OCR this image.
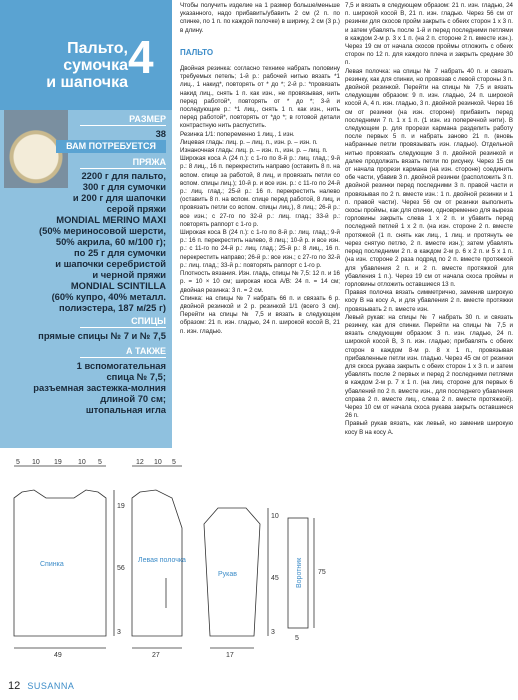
Пальто,
сумочка
и шапочка 4
РАЗМЕР
38
ВАМ ПОТРЕБУЕТСЯ
ПРЯЖА
2200 г для пальто,
300 г для сумочки
и 200 г для шапочки
серой пряжи
MONDIAL MERINO MAXI
(50% мериносовой шерсти,
50% акрила, 60 м/100 г);
по 25 г для сумочки
и шапочки серебристой
и черной пряжи
MONDIAL SCINTILLA
(60% купро, 40% металл.
полиэстера, 187 м/25 г)
СПИЦЫ
прямые спицы № 7 и № 7,5
А ТАКЖЕ
1 вспомогательная
спица № 7,5;
разъемная застежка-молния
длиной 70 см;
штопальная игла

Чтобы получить изделие на 1 размер больше/меньше указанного, надо прибавить/убавить 2 см (2 п. по спинке, по 1 п. по каждой полочке) в ширину, 2 см (3 р.) в длину.

ПАЛЬТО

Двойная резинка: согласно технике набрать половину требуемых петель; 1-й р.: рабочей нитью вязать *1 лиц., 1 накид*, повторять от * до *; 2-й р.: *провязать накид лиц., снять 1 п. как изн., не провязывая, нить перед работой*, повторять от * до *; 3-й и последующие р.: *1 лиц., снять 1 п. как изн., нить перед работой*, повторять от *до *; в готовой детали контрастную нить распустить.

Резинка 1/1: попеременно 1 лиц., 1 изн.

Лицевая гладь: лиц. р. – лиц. п., изн. р. – изн. п.

Изнаночная гладь: лиц. р. – изн. п., изн. р. – лиц. п.

Широкая коса А (24 п.): с 1-го по 8-й р.: лиц. глад.; 9-й р.: 8 лиц., 16 п. перекрестить направо (оставить 8 п. на вспом. спице за работой, 8 лиц, и провязать петли со вспом. спицы лиц.); 10-й р. и все изн. р.: с 11-го по 24-й р.: лиц. глад.; 25-й р.: 16 п. перекрестить налево (оставить 8 п. на вспом. спице перед работой, 8 лиц, и провязать петли со вспом. спицы лиц.), 8 лиц.; 26-й р.: все изн.; с 27-го по 32-й р.: лиц. глад.; 33-й р.: повторять раппорт с 1-го р.

Широкая коса В (24 п.): с 1-го по 8-й р.: лиц. глад.; 9-й р.: 16 п. перекрестить налево, 8 лиц.; 10-й р. и все изн. р.: с 11-го по 24-й р.: лиц. глад.; 25-й р.: 8 лиц., 16 п. перекрестить направо; 26-й р.: все изн.; с 27-го по 32-й р.: лиц. глад.; 33-й р.: повторять раппорт с 1-го р.

Плотность вязания. Изн. гладь, спицы № 7,5: 12 п. и 16 р. = 10 × 10 см; широкая коса А/В: 24 п. = 14 см; двойная резинка: 3 п. = 2 см.

Спинка: на спицы № 7 набрать 66 п. и связать 6 р. двойной резинкой и 2 р. резинкой 1/1 (всего 3 см). Перейти на спицы № 7,5 и вязать в следующем образом: 21 п. изн. гладью, 24 п. широкой косой В, 21 п. изн. гладью.

7,5 и вязать в следующем образом: 21 п. изн. гладью, 24 п. широкой косой В, 21 п. изн. гладью. Через 56 см от резинки для скосов пройм закрыть с обеих сторон 1 х 3 п. и затем убавлять после 1-й и перед последними петлями в каждом 2-м р. 3 х 1 п. (на 2 п. стороне 2 п. вместе изн.). Через 19 см от начала скосов проймы отложить с обеих сторон по 12 п. для каждого плеча и закрыть средние 30 п.

Левая полочка: на спицы № 7 набрать 40 п. и связать резинку, как для спинки, но провязав с левой стороны 3 п. двойной резинкой. Перейти на спицы № 7,5 и вязать следующим образом: 9 п. изн. гладью, 24 п. широкой косой А, 4 п. изн. гладью, 3 п. двойной резинкой. Через 16 см от резинки (на изн. стороне) прибавить перед последними 7 п. 1 х 1 п. (1 изн. из поперечной нити). В следующем р. для прорези кармана разделить работу после первых 5 п. и набрать заново 21 п. (вновь набранные петли провязывать изн. гладью). Отдельной нитью провязать следующие 3 п. двойной резинкой и далее продолжать вязать петли по рисунку. Через 15 см от начала прорези кармана (на изн. стороне) соединить обе части, убавив 3 п. двойной резинки (расположить 3 п. двойной резинки перед последними 3 п. правой части и провязывая по 2 п. вместе изн.: 1 п. двойной резинки и 1 п. правой части). Через 56 см от резинки выполнить скосы проймы, как для спинки, одновременно для выреза горловины закрыть слева 1 х 2 п. и убавить перед последней петлей 1 х 2 п. (на изн. стороне 2 п. вместе протяжкой (1 п. снять как лиц., 1 лиц. и протянуть ее через снятую петлю, 2 п. вместе изн.); затем убавлять перед последними 2 п. в каждом 2-м р. 6 х 2 п. и 5 х 1 п. (на изн. стороне 2 раза подряд по 2 п. вместе протяжкой для убавления 2 п. и 2 п. вместе протяжкой для убавления 1 п.). Через 19 см от начала скоса проймы и горловины отложить оставшиеся 13 п.

Правая полочка вязать симметрично, заменив широкую косу В на косу А, и для убавления 2 п. вместе протяжки провязывать 2 п. вместе изн.

Левый рукав: на спицы № 7 набрать 30 п. и связать резинку, как для спинки. Перейти на спицы № 7,5 и вязать следующим образом: 3 п. изн. гладью, 24 п. широкой косой В, 3 п. изн. гладью; прибавлять с обеих сторон в каждом 8-м р. 8 х 1 п., провязывая прибавленные петли изн. гладью. Через 45 см от резинки для скоса рукава закрыть с обеих сторон 1 х 3 п. и затем убавлять после 2 первых и перед 2 последними петлями в каждом 2-м р. 7 х 1 п. (на лиц. стороне для первых 6 убавлений по 2 п. вместе изн., для последнего убавления справа 2 п. вместе лиц., слева 2 п. вместе протяжкой). Через 10 см от начала скоса рукава закрыть оставшиеся 26 п.

Правый рукав вязать, как левый, но заменив широкую косу В на косу А.

5 10 19 10 5
Спинка
19
56
3
49
12 10 5
Левая полочка
27
Рукав
10
45
3
17
Воротник 75
5
12 SUSANNA
